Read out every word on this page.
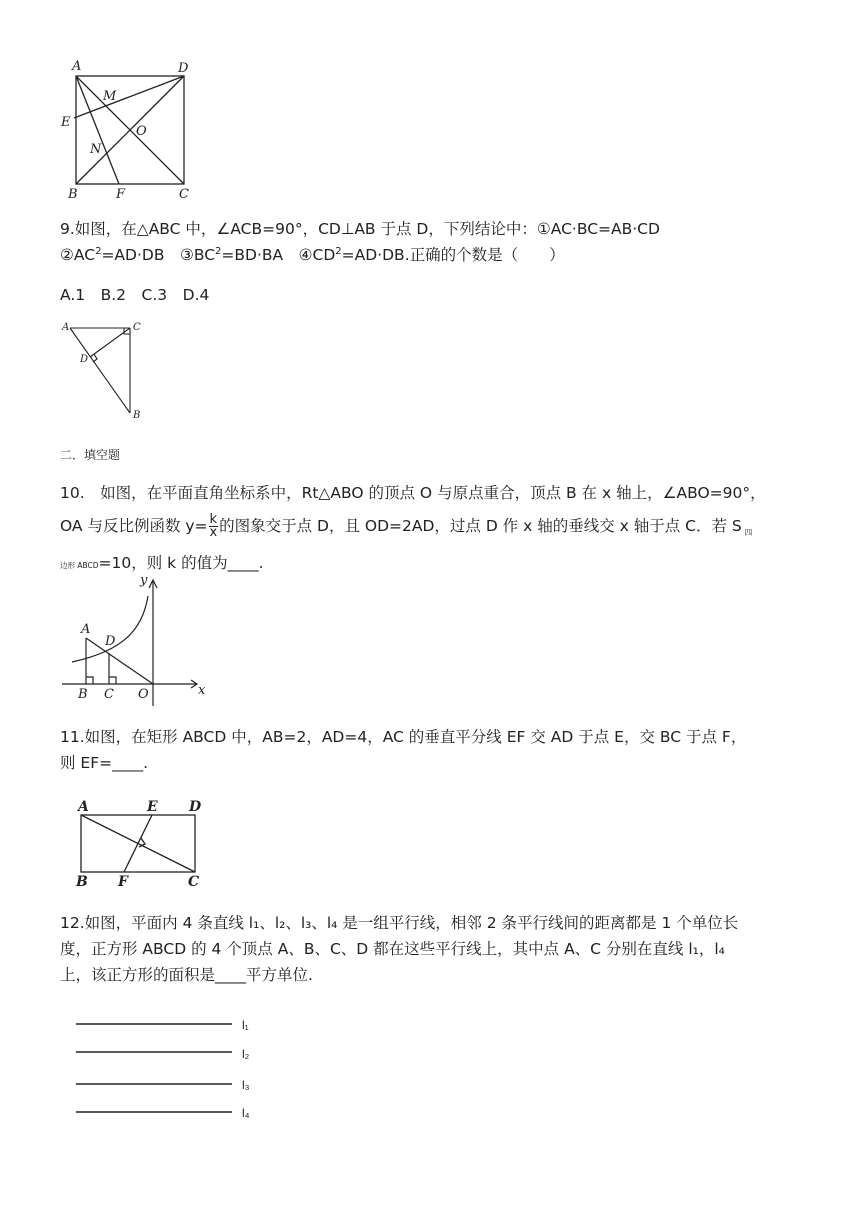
A	D
M
E
O
N
B	F	C
9.如图，在△ABC 中，∠ACB=90°，CD⊥AB 于点 D，下列结论中：①AC·BC=AB·CD
$②AC^2=AD\cdot DB$　$③BC^2=BD\cdot BA$　$④CD^2=AD\cdot DB$.正确的个数是（　　）
A.1　B.2　C.3　D.4
A	C
D
B
二．填空题
10.　如图，在平面直角坐标系中，Rt△ABO 的顶点 O 与原点重合，顶点 B 在 x 轴上，∠ABO=90°，
OA 与反比例函数 $y= \frac{k}{x}$ 的图象交于点 D，且 OD=2AD，过点 D 作 x 轴的垂线交 x 轴于点 C．若 S $_四$
边形 ABCD=10，则 k 的值为____.
y
A
D
B C O	x
11.如图，在矩形 ABCD 中，AB=2，AD=4，AC 的垂直平分线 EF 交 AD 于点 E，交 BC 于点 F，
则 EF=____.
A	E D
B F	C
12.如图，平面内 4 条直线 l₁、l₂、l₃、l₄ 是一组平行线，相邻 2 条平行线间的距离都是 1 个单位长
度，正方形 ABCD 的 4 个顶点 A、B、C、D 都在这些平行线上，其中点 A、C 分别在直线 l₁，l₄
上，该正方形的面积是____平方单位.
l₁
l₂
l₃
l₄
